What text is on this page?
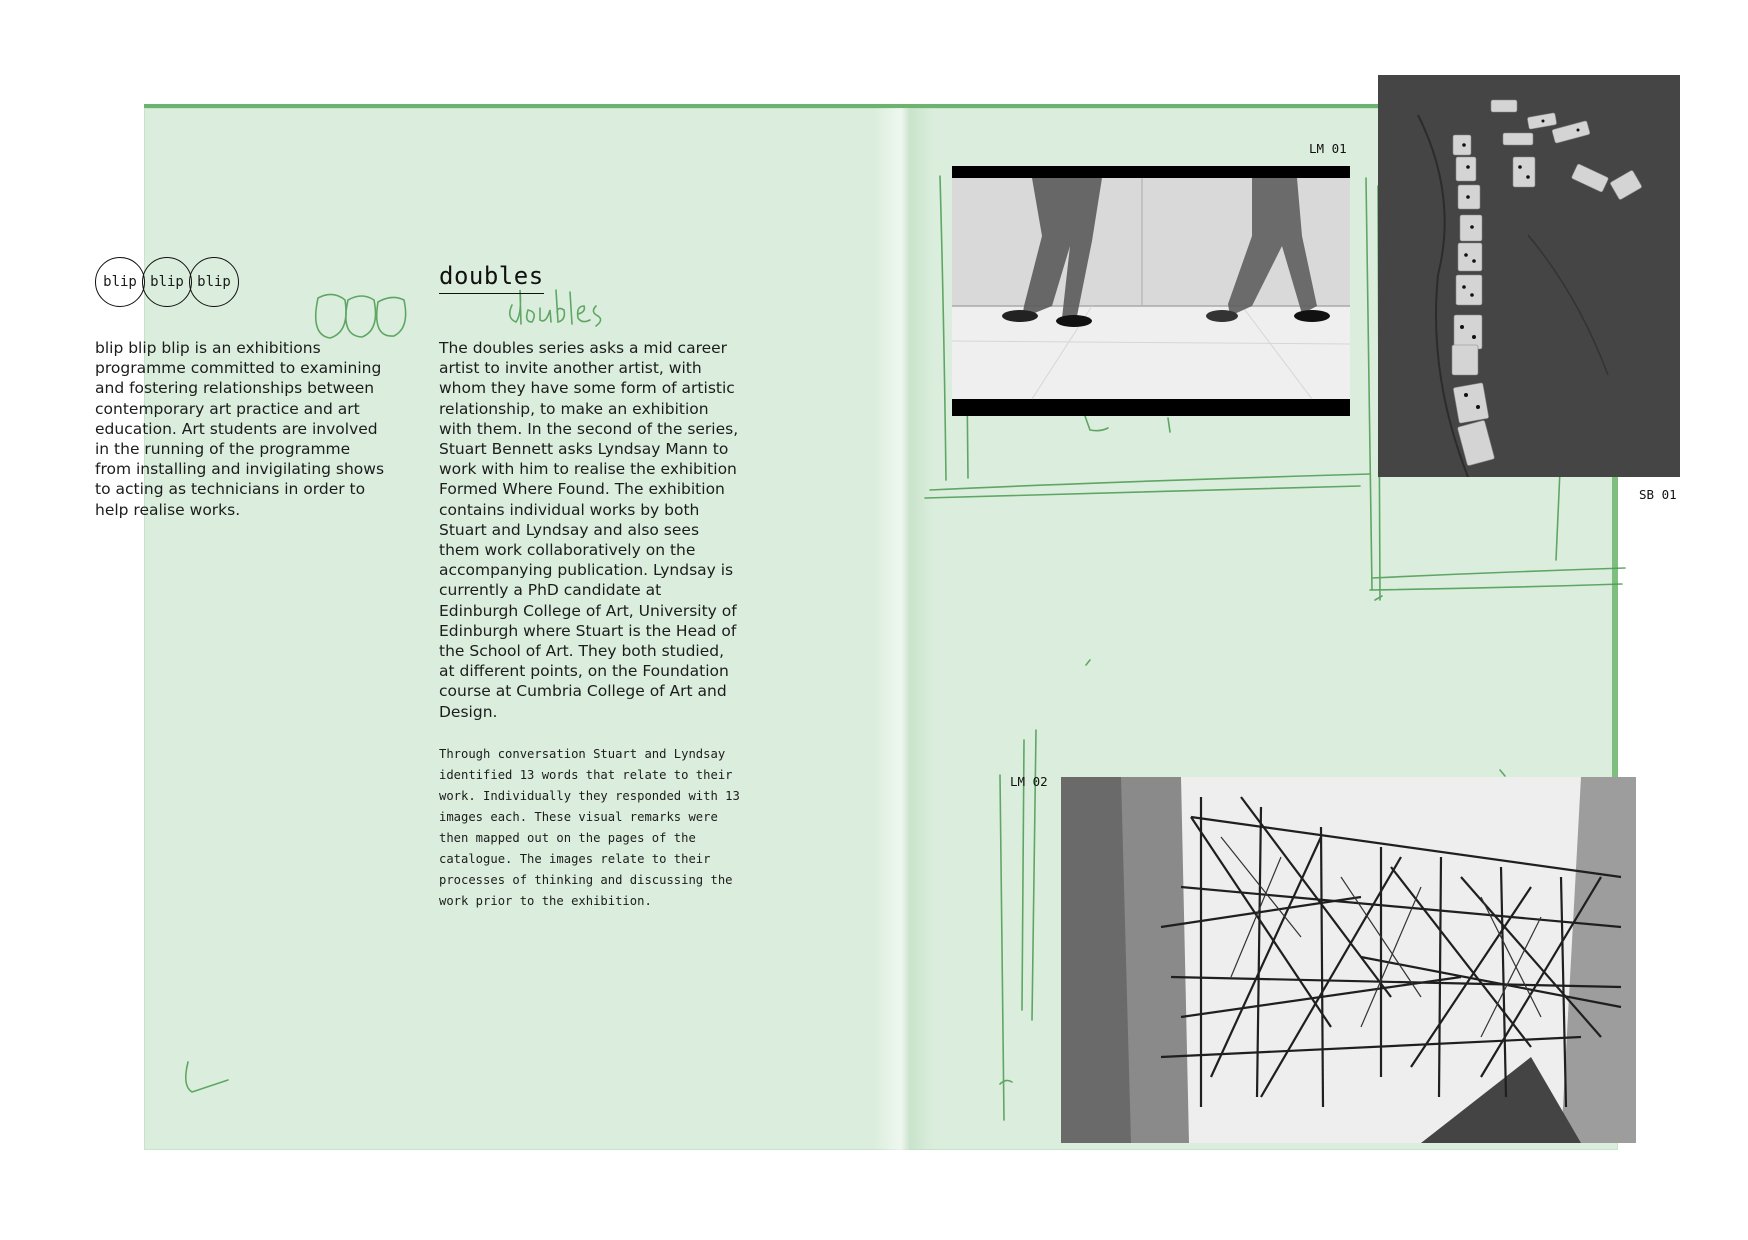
blip blip blip
blip blip blip is an exhibitions programme committed to examining and fostering relationships between contemporary art practice and art education. Art students are involved in the running of the programme from installing and invigilating shows to acting as technicians in order to help realise works.
doubles
The doubles series asks a mid career artist to invite another artist, with whom they have some form of artistic relationship, to make an exhibition with them. In the second of the series, Stuart Bennett asks Lyndsay Mann to work with him to realise the exhibition Formed Where Found. The exhibition contains individual works by both Stuart and Lyndsay and also sees them work collaboratively on the accompanying publication. Lyndsay is currently a PhD candidate at Edinburgh College of Art, University of Edinburgh where Stuart is the Head of the School of Art. They both studied, at different points, on the Foundation course at Cumbria College of Art and Design.
Through conversation Stuart and Lyndsay identified 13 words that relate to their work. Individually they responded with 13 images each. These visual remarks were then mapped out on the pages of the catalogue. The images relate to their processes of thinking and discussing the work prior to the exhibition.
LM 01
SB 01
LM 02
